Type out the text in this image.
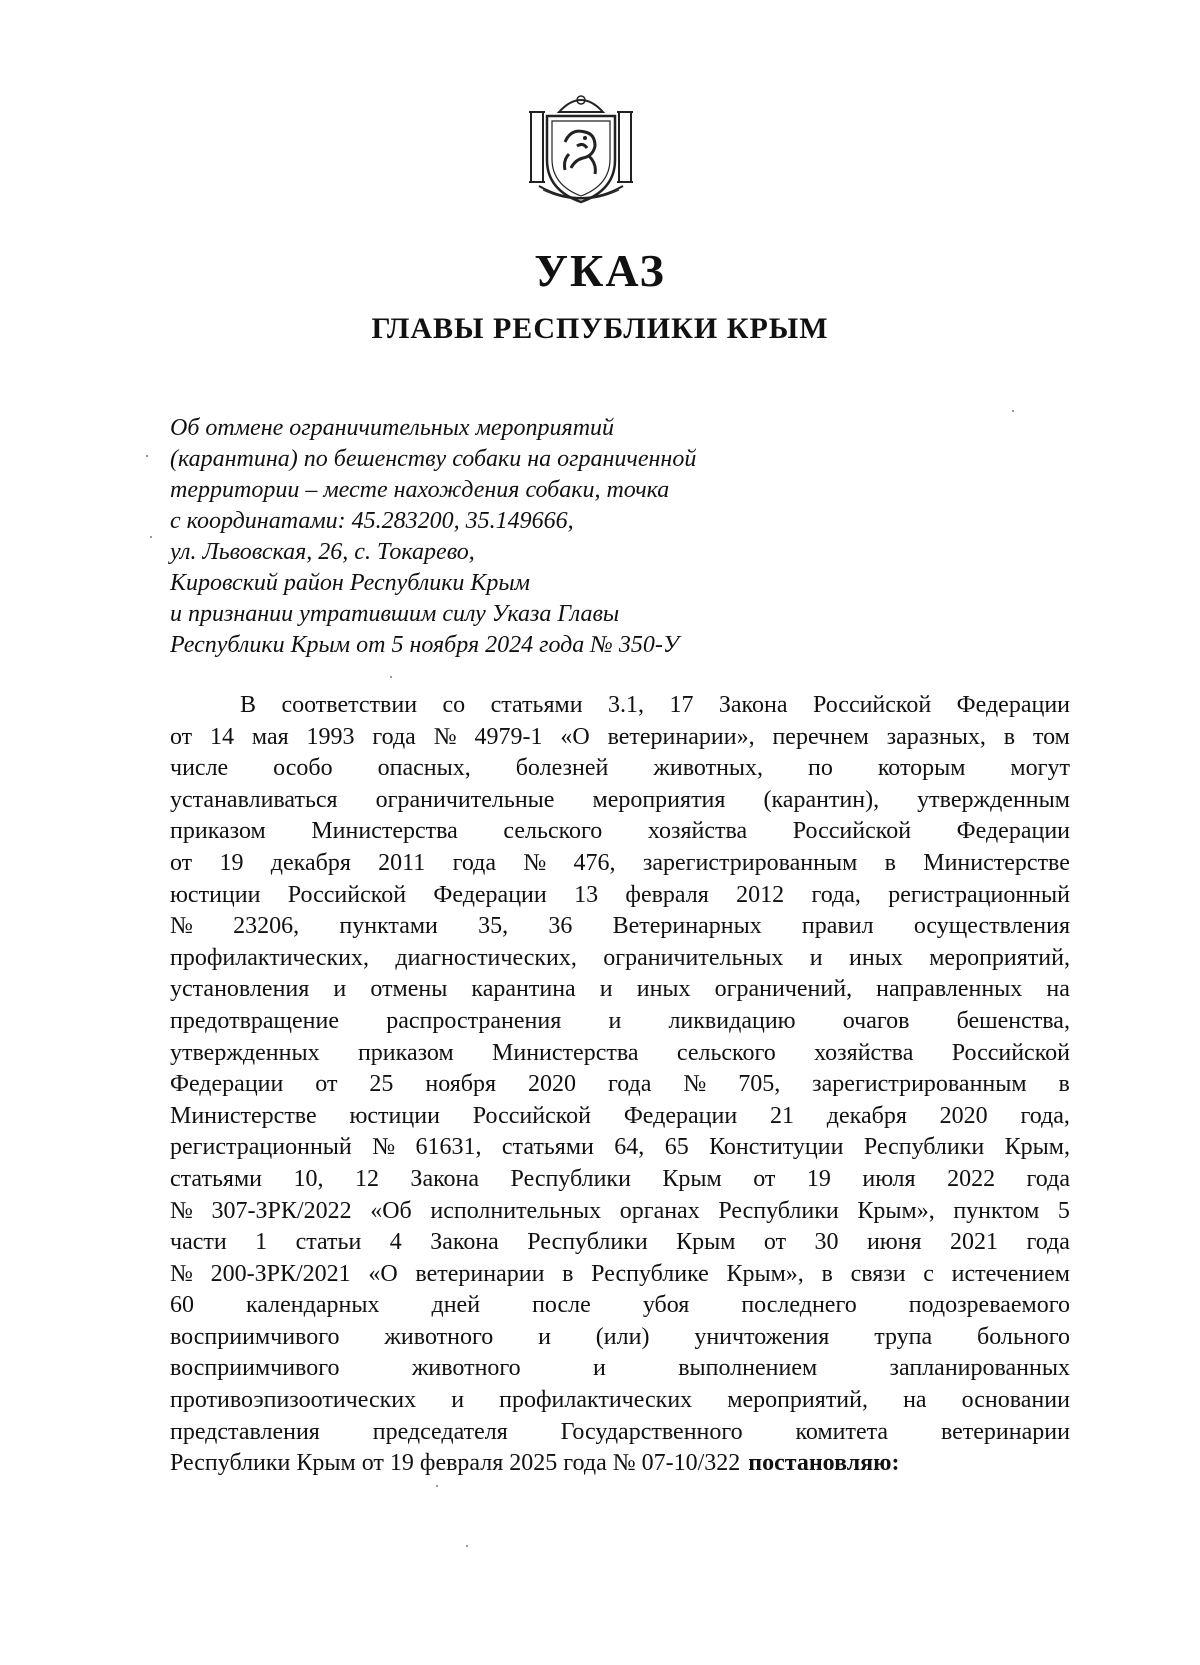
УКАЗ
ГЛАВЫ РЕСПУБЛИКИ КРЫМ
Об отмене ограничительных мероприятий
(карантина) по бешенству собаки на ограниченной
территории – месте нахождения собаки, точка
с координатами: 45.283200, 35.149666,
ул. Львовская, 26, с. Токарево,
Кировский район Республики Крым
и признании утратившим силу Указа Главы
Республики Крым от 5 ноября 2024 года № 350-У
В соответствии со статьями 3.1, 17 Закона Российской Федерации
от 14 мая 1993 года № 4979-1 «О ветеринарии», перечнем заразных, в том
числе особо опасных, болезней животных, по которым могут
устанавливаться ограничительные мероприятия (карантин), утвержденным
приказом Министерства сельского хозяйства Российской Федерации
от 19 декабря 2011 года № 476, зарегистрированным в Министерстве
юстиции Российской Федерации 13 февраля 2012 года, регистрационный
№ 23206, пунктами 35, 36 Ветеринарных правил осуществления
профилактических, диагностических, ограничительных и иных мероприятий,
установления и отмены карантина и иных ограничений, направленных на
предотвращение распространения и ликвидацию очагов бешенства,
утвержденных приказом Министерства сельского хозяйства Российской
Федерации от 25 ноября 2020 года № 705, зарегистрированным в
Министерстве юстиции Российской Федерации 21 декабря 2020 года,
регистрационный № 61631, статьями 64, 65 Конституции Республики Крым,
статьями 10, 12 Закона Республики Крым от 19 июля 2022 года
№ 307-ЗРК/2022 «Об исполнительных органах Республики Крым», пунктом 5
части 1 статьи 4 Закона Республики Крым от 30 июня 2021 года
№ 200-ЗРК/2021 «О ветеринарии в Республике Крым», в связи с истечением
60 календарных дней после убоя последнего подозреваемого
восприимчивого животного и (или) уничтожения трупа больного
восприимчивого	животного	и	выполнением	запланированных
противоэпизоотических и профилактических мероприятий, на основании
представления председателя Государственного комитета ветеринарии
Республики Крым от 19 февраля 2025 года № 07-10/322 постановляю:
